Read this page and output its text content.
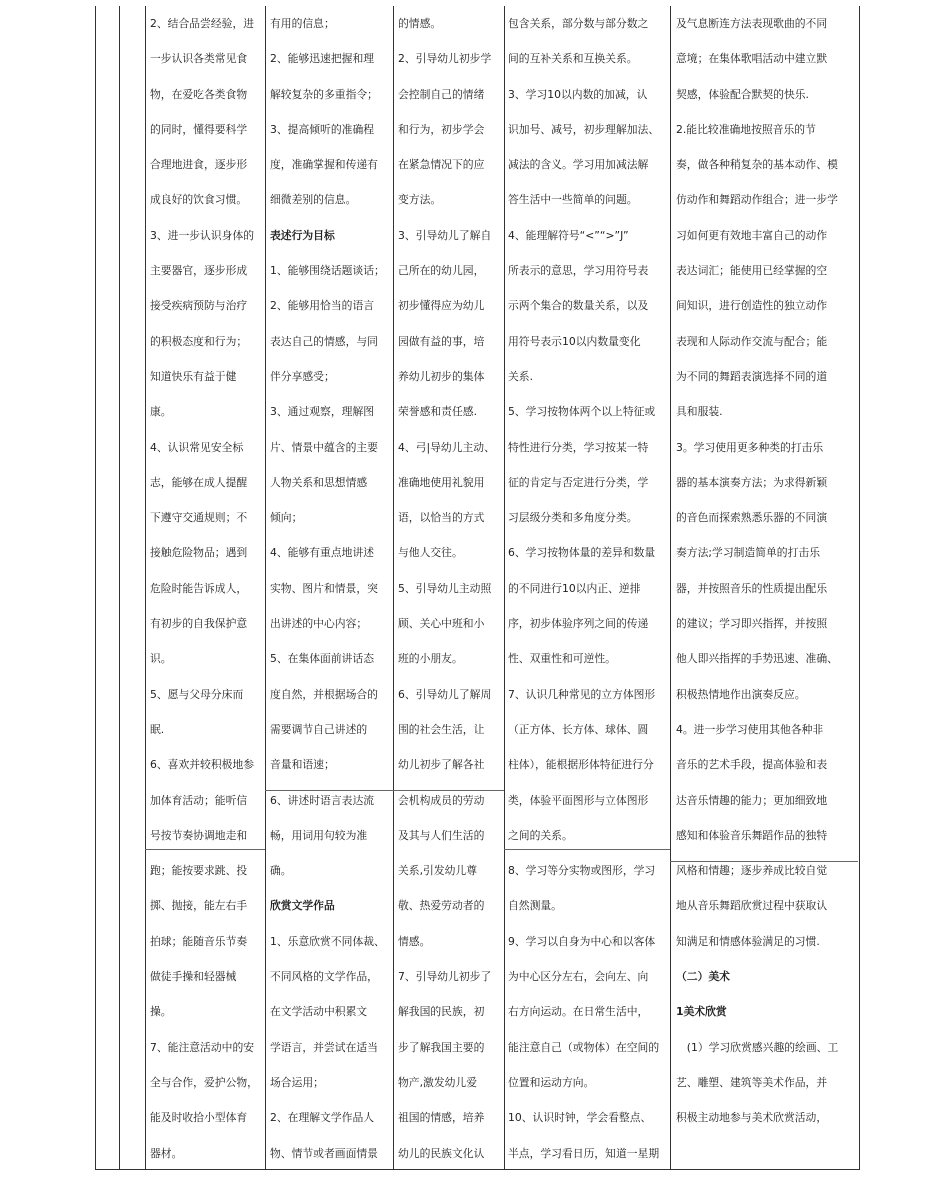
2、结合品尝经验，进

一步认识各类常见食

物，在爱吃各类食物

的同时，懂得要科学

合理地进食，逐步形

成良好的饮食习惯。

3、进一步认识身体的

主要器官，逐步形成

接受疾病预防与治疗

的积极态度和行为；

知道快乐有益于健

康。

4、认识常见安全标

志，能够在成人提醒

下遵守交通规则；不

接触危险物品；遇到

危险时能告诉成人，

有初步的自我保护意

识。

5、愿与父母分床而

眠.

6、喜欢并较积极地参

加体育活动；能听信

号按节奏协调地走和

跑；能按要求跳、投

掷、抛接，能左右手

拍球；能随音乐节奏

做徒手操和轻器械

操。

7、能注意活动中的安

全与合作，爱护公物，

能及时收拾小型体育

器材。

有用的信息；

2、能够迅速把握和理

解较复杂的多重指令；

3、提高倾听的准确程

度，准确掌握和传递有

细微差别的信息。

表述行为目标

1、能够围绕话题谈话；

2、能够用恰当的语言

表达自己的情感，与同

伴分享感受；

3、通过观察，理解图

片、情景中蕴含的主要

人物关系和思想情感

倾向；

4、能够有重点地讲述

实物、图片和情景，突

出讲述的中心内容；

5、在集体面前讲话态

度自然，并根据场合的

需要调节自己讲述的

音量和语速；

6、讲述时语言表达流

畅，用词用句较为准

确。

欣赏文学作品

1、乐意欣赏不同体裁、

不同风格的文学作品，

在文学活动中积累文

学语言，并尝试在适当

场合运用；

2、在理解文学作品人

物、情节或者画面情景

的情感。

2、引导幼儿初步学

会控制自己的情绪

和行为，初步学会

在紧急情况下的应

变方法。

3、引导幼儿了解自

己所在的幼儿园，

初步懂得应为幼儿

园做有益的事，培

养幼儿初步的集体

荣誉感和责任感.

4、弓|导幼儿主动、

准确地使用礼貌用

语，以恰当的方式

与他人交往。

5、引导幼儿主动照

顾、关心中班和小

班的小朋友。

6、引导幼儿了解周

围的社会生活，让

幼儿初步了解各社

会机构成员的劳动

及其与人们生活的

关系,引发幼儿尊

敬、热爱劳动者的

情感。

7、引导幼儿初步了

解我国的民族，初

步了解我国主要的

物产,激发幼儿爱

祖国的情感，培养

幼儿的民族文化认

包含关系，部分数与部分数之

间的互补关系和互换关系。

3、学习10以内数的加减，认

识加号、减号，初步理解加法、

减法的含义。学习用加减法解

答生活中一些简单的问题。

4、能理解符号“<”“>”J”

所表示的意思，学习用符号表

示两个集合的数量关系，以及

用符号表示10以内数量变化

关系.

5、学习按物体两个以上特征或

特性进行分类，学习按某一特

征的肯定与否定进行分类，学

习层级分类和多角度分类。

6、学习按物体量的差异和数量

的不同进行10以内正、逆排

序，初步体验序列之间的传递

性、双重性和可逆性。

7、认识几种常见的立方体图形

（正方体、长方体、球体、圆

柱体），能根据形体特征进行分

类，体验平面图形与立体图形

之间的关系。

8、学习等分实物或图形，学习

自然测量。

9、学习以自身为中心和以客体

为中心区分左右，会向左、向

右方向运动。在日常生活中，

能注意自己（或物体）在空间的

位置和运动方向。

10、认识时钟，学会看整点、

半点，学习看日历，知道一星期

及气息断连方法表现歌曲的不同

意境；在集体歌唱活动中建立默

契感，体验配合默契的快乐.

2.能比较准确地按照音乐的节

奏，做各种稍复杂的基本动作、模

仿动作和舞蹈动作组合；进一步学

习如何更有效地丰富自己的动作

表达词汇；能使用已经掌握的空

间知识，进行创造性的独立动作

表现和人际动作交流与配合；能

为不同的舞蹈表演选择不同的道

具和服装.

3。学习使用更多种类的打击乐

器的基本演奏方法；为求得新颖

的音色而探索熟悉乐器的不同演

奏方法;学习制造简单的打击乐

器，并按照音乐的性质提出配乐

的建议；学习即兴指挥，并按照

他人即兴指挥的手势迅速、准确、

积极热情地作出演奏反应。

4。进一步学习使用其他各种非

音乐的艺术手段，提高体验和表

达音乐情趣的能力；更加细致地

感知和体验音乐舞蹈作品的独特

风格和情趣；逐步养成比较自觉

地从音乐舞蹈欣赏过程中获取认

知满足和情感体验满足的习惯.

（二）美术

1美术欣赏

　(1）学习欣赏感兴趣的绘画、工

艺、雕塑、建筑等美术作品，并

积极主动地参与美术欣赏活动，
